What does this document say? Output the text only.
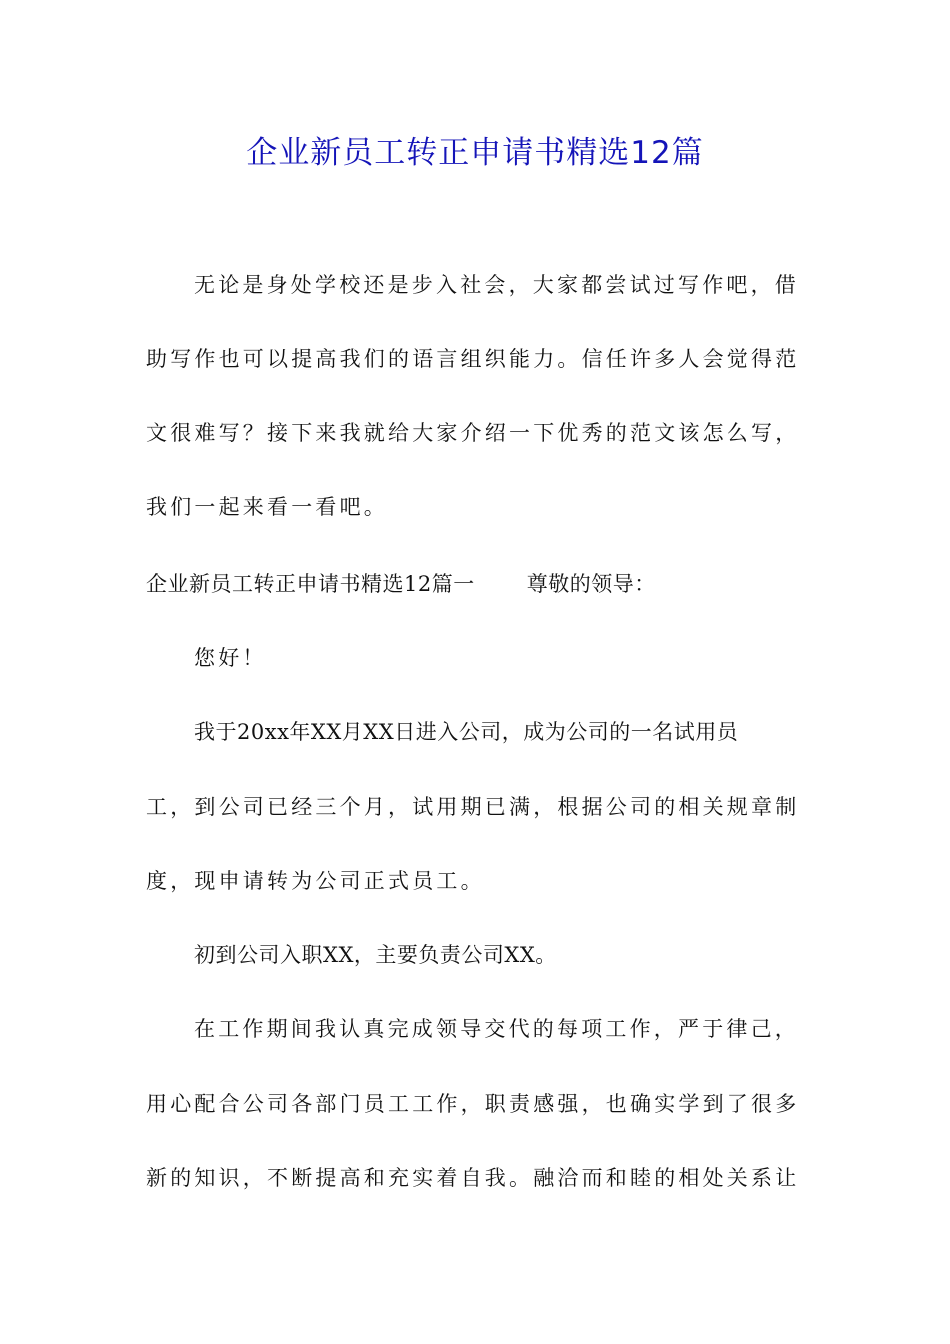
企业新员工转正申请书精选12篇

无论是身处学校还是步入社会，大家都尝试过写作吧，借

助写作也可以提高我们的语言组织能力。信任许多人会觉得范

文很难写？接下来我就给大家介绍一下优秀的范文该怎么写，

我们一起来看一看吧。

企业新员工转正申请书精选12篇一 尊敬的领导：

您好！

我于20xx年XX月XX日进入公司，成为公司的一名试用员

工，到公司已经三个月，试用期已满，根据公司的相关规章制

度，现申请转为公司正式员工。

初到公司入职XX，主要负责公司XX。

在工作期间我认真完成领导交代的每项工作，严于律己，

用心配合公司各部门员工工作，职责感强，也确实学到了很多

新的知识，不断提高和充实着自我。融洽而和睦的相处关系让
